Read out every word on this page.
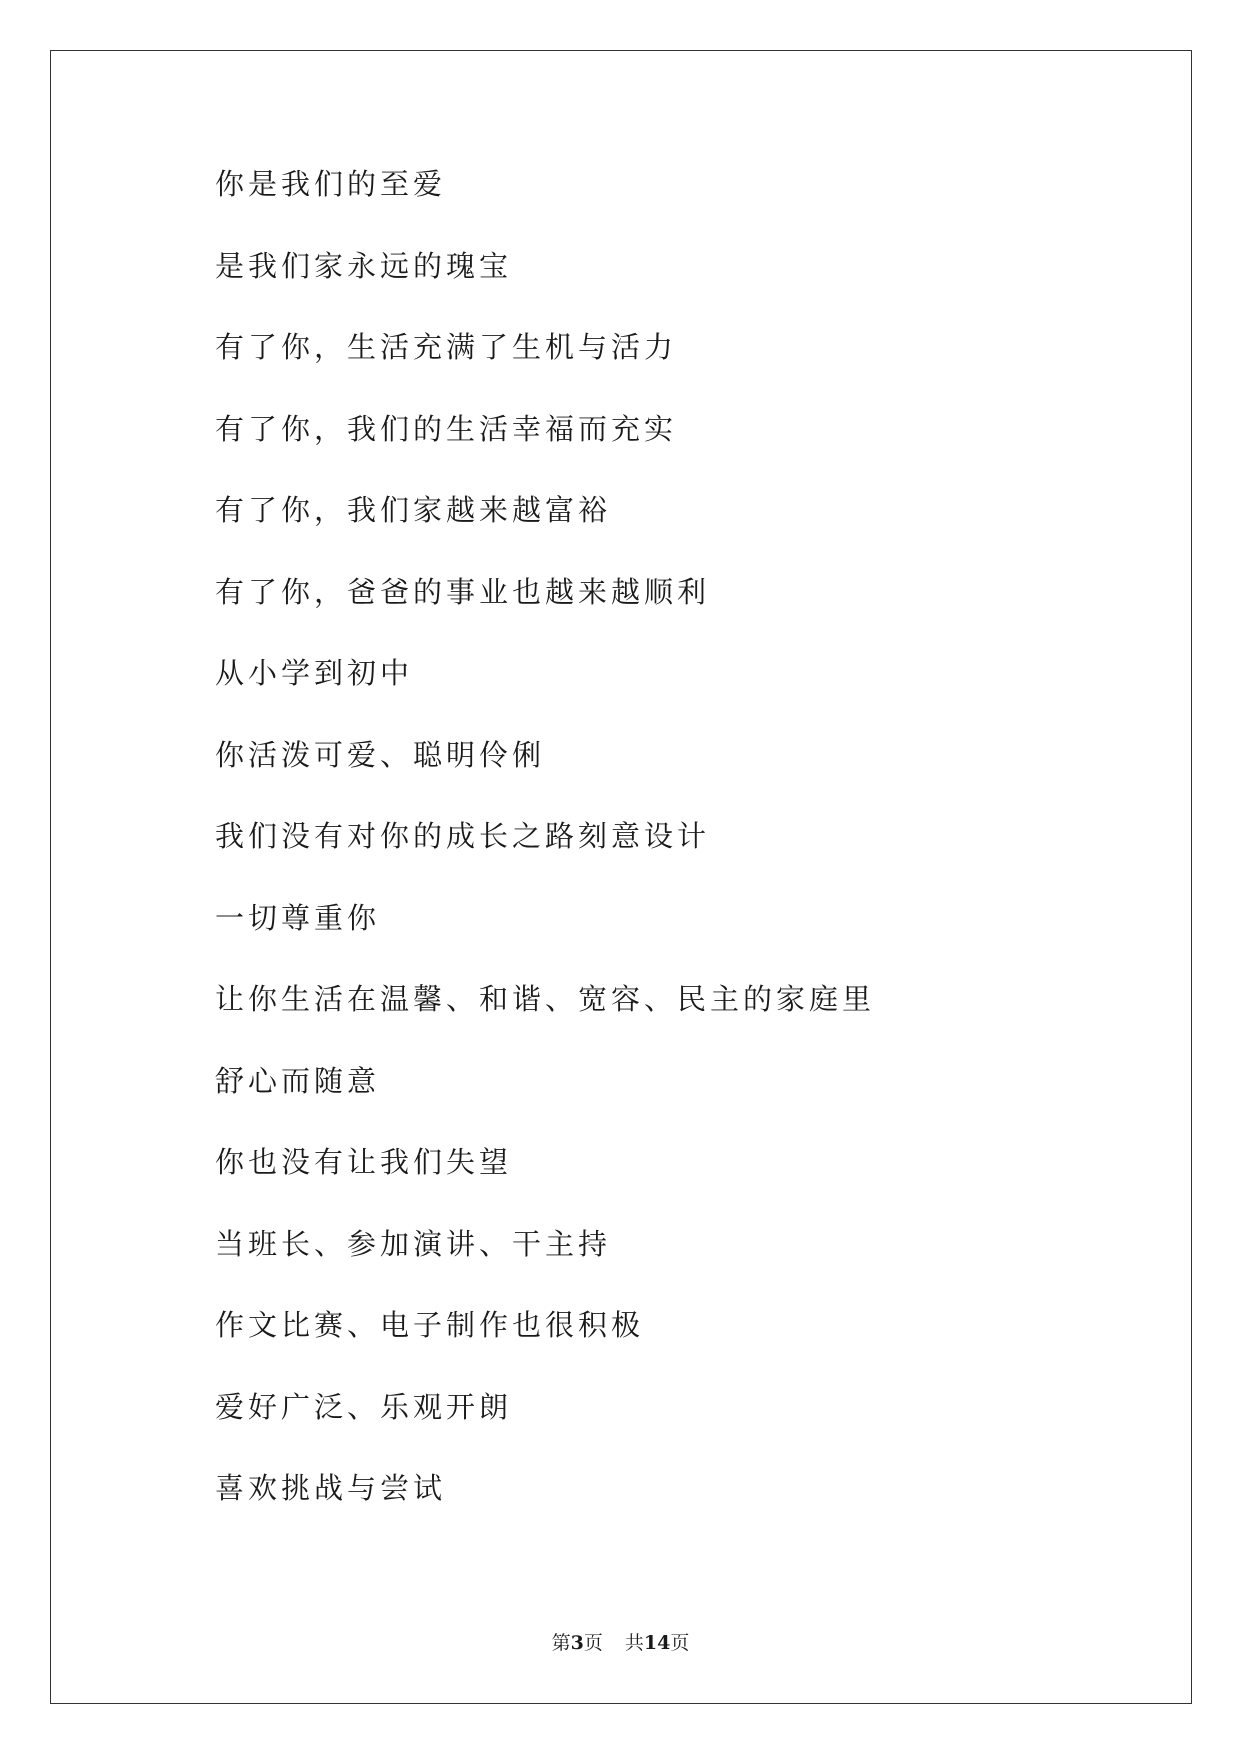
你是我们的至爱
是我们家永远的瑰宝
有了你，生活充满了生机与活力
有了你，我们的生活幸福而充实
有了你，我们家越来越富裕
有了你，爸爸的事业也越来越顺利
从小学到初中
你活泼可爱、聪明伶俐
我们没有对你的成长之路刻意设计
一切尊重你
让你生活在温馨、和谐、宽容、民主的家庭里
舒心而随意
你也没有让我们失望
当班长、参加演讲、干主持
作文比赛、电子制作也很积极
爱好广泛、乐观开朗
喜欢挑战与尝试
第3页 共14页
